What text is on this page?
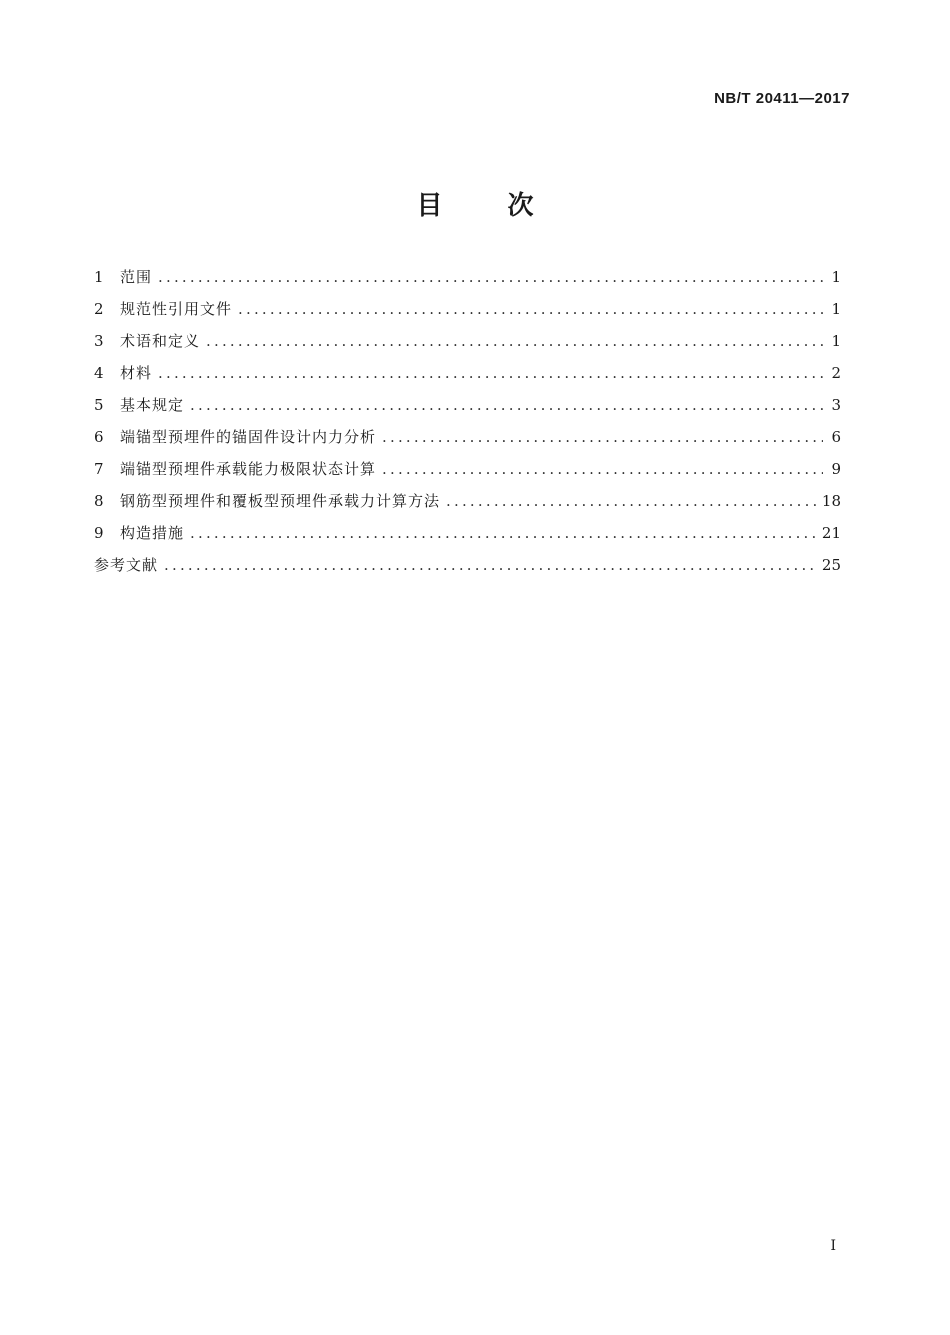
NB/T 20411—2017
目 次
1	范围 .....	1
2	规范性引用文件 .....	1
3	术语和定义 .....	1
4	材料 .....	2
5	基本规定 .....	3
6	端锚型预埋件的锚固件设计内力分析 .....	6
7	端锚型预埋件承载能力极限状态计算 .....	9
8	钢筋型预埋件和覆板型预埋件承载力计算方法 .....	18
9	构造措施 .....	21
参考文献 .....	25
I
